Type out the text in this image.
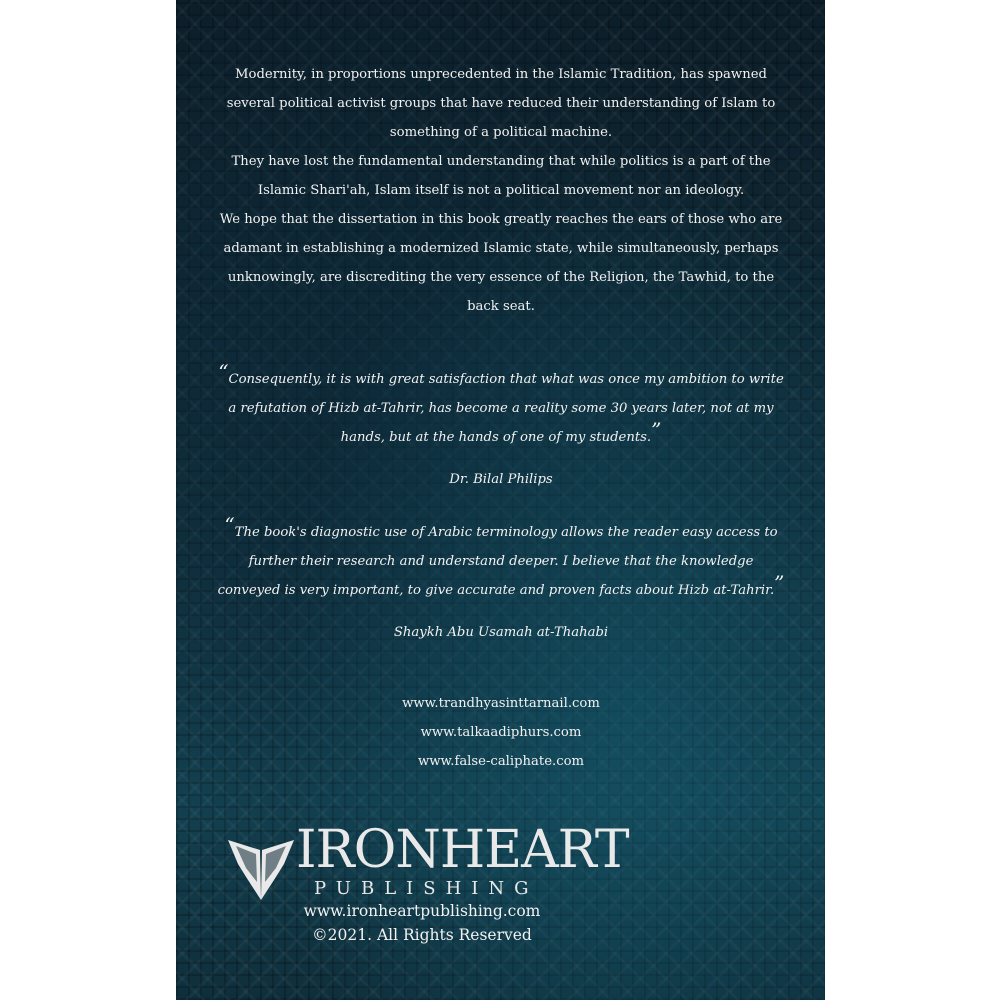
Modernity, in proportions unprecedented in the Islamic Tradition, has spawned several political activist groups that have reduced their understanding of Islam to something of a political machine.

They have lost the fundamental understanding that while politics is a part of the Islamic Shari'ah, Islam itself is not a political movement nor an ideology.

We hope that the dissertation in this book greatly reaches the ears of those who are adamant in establishing a modernized Islamic state, while simultaneously, perhaps unknowingly, are discrediting the very essence of the Religion, the Tawhid, to the back seat.

“Consequently, it is with great satisfaction that what was once my ambition to write a refutation of Hizb at-Tahrir, has become a reality some 30 years later, not at my hands, but at the hands of one of my students.”

Dr. Bilal Philips

“The book's diagnostic use of Arabic terminology allows the reader easy access to further their research and understand deeper. I believe that the knowledge conveyed is very important, to give accurate and proven facts about Hizb at-Tahrir.”

Shaykh Abu Usamah at-Thahabi
www.trandhyasinttarnail.com
www.talkaadiphurs.com
www.false-caliphate.com
IRONHEART
PUBLISHING
www.ironheartpublishing.com
©2021. All Rights Reserved
